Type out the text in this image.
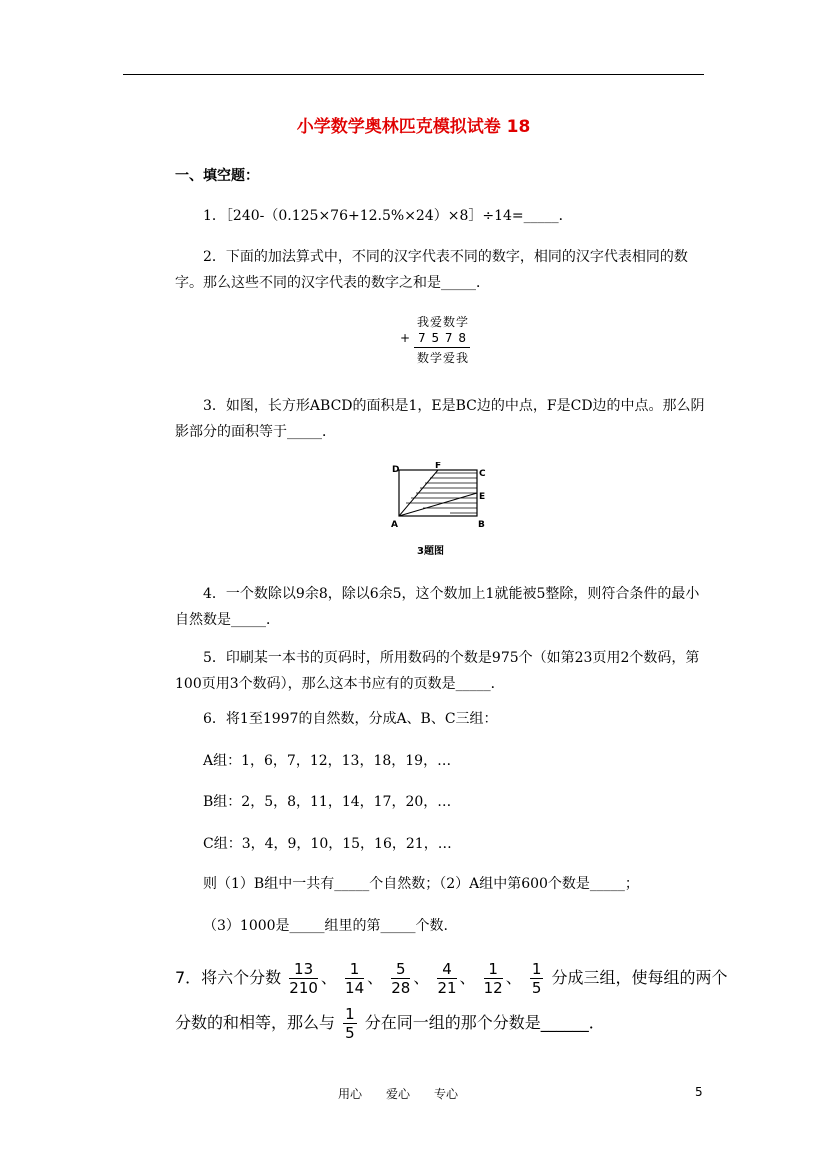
小学数学奥林匹克模拟试卷 18
一、填空题：
1．［240-（0.125×76+12.5%×24）×8］÷14=_____．
2．下面的加法算式中，不同的汉字代表不同的数字，相同的汉字代表相同的数字。那么这些不同的汉字代表的数字之和是_____．
我爱数学
+ 7 5 7 8
数学爱我
3．如图，长方形ABCD的面积是1，E是BC边的中点，F是CD边的中点。那么阴影部分的面积等于_____．
D	F
C
E
A	B
3题图
4．一个数除以9余8，除以6余5，这个数加上1就能被5整除，则符合条件的最小自然数是_____．
5．印刷某一本书的页码时，所用数码的个数是975个（如第23页用2个数码，第100页用3个数码），那么这本书应有的页数是_____．
6．将1至1997的自然数，分成A、B、C三组：
A组：1，6，7，12，13，18，19，…
B组：2，5，8，11，14，17，20，…
C组：3，4，9，10，15，16，21，…
则（1）B组中一共有_____个自然数；（2）A组中第600个数是_____；
（3）1000是_____组里的第_____个数.
7．将六个分数 $\frac{13}{210}$ 、 $\frac{1}{14}$ 、 $\frac{5}{28}$ 、 $\frac{4}{21}$ 、 $\frac{1}{12}$ 、 $\frac{1}{5}$ 分成三组，使每组的两个
分数的和相等，那么与 $\frac{1}{5}$ 分在同一组的那个分数是______．
用心　　爱心　　专心	5
